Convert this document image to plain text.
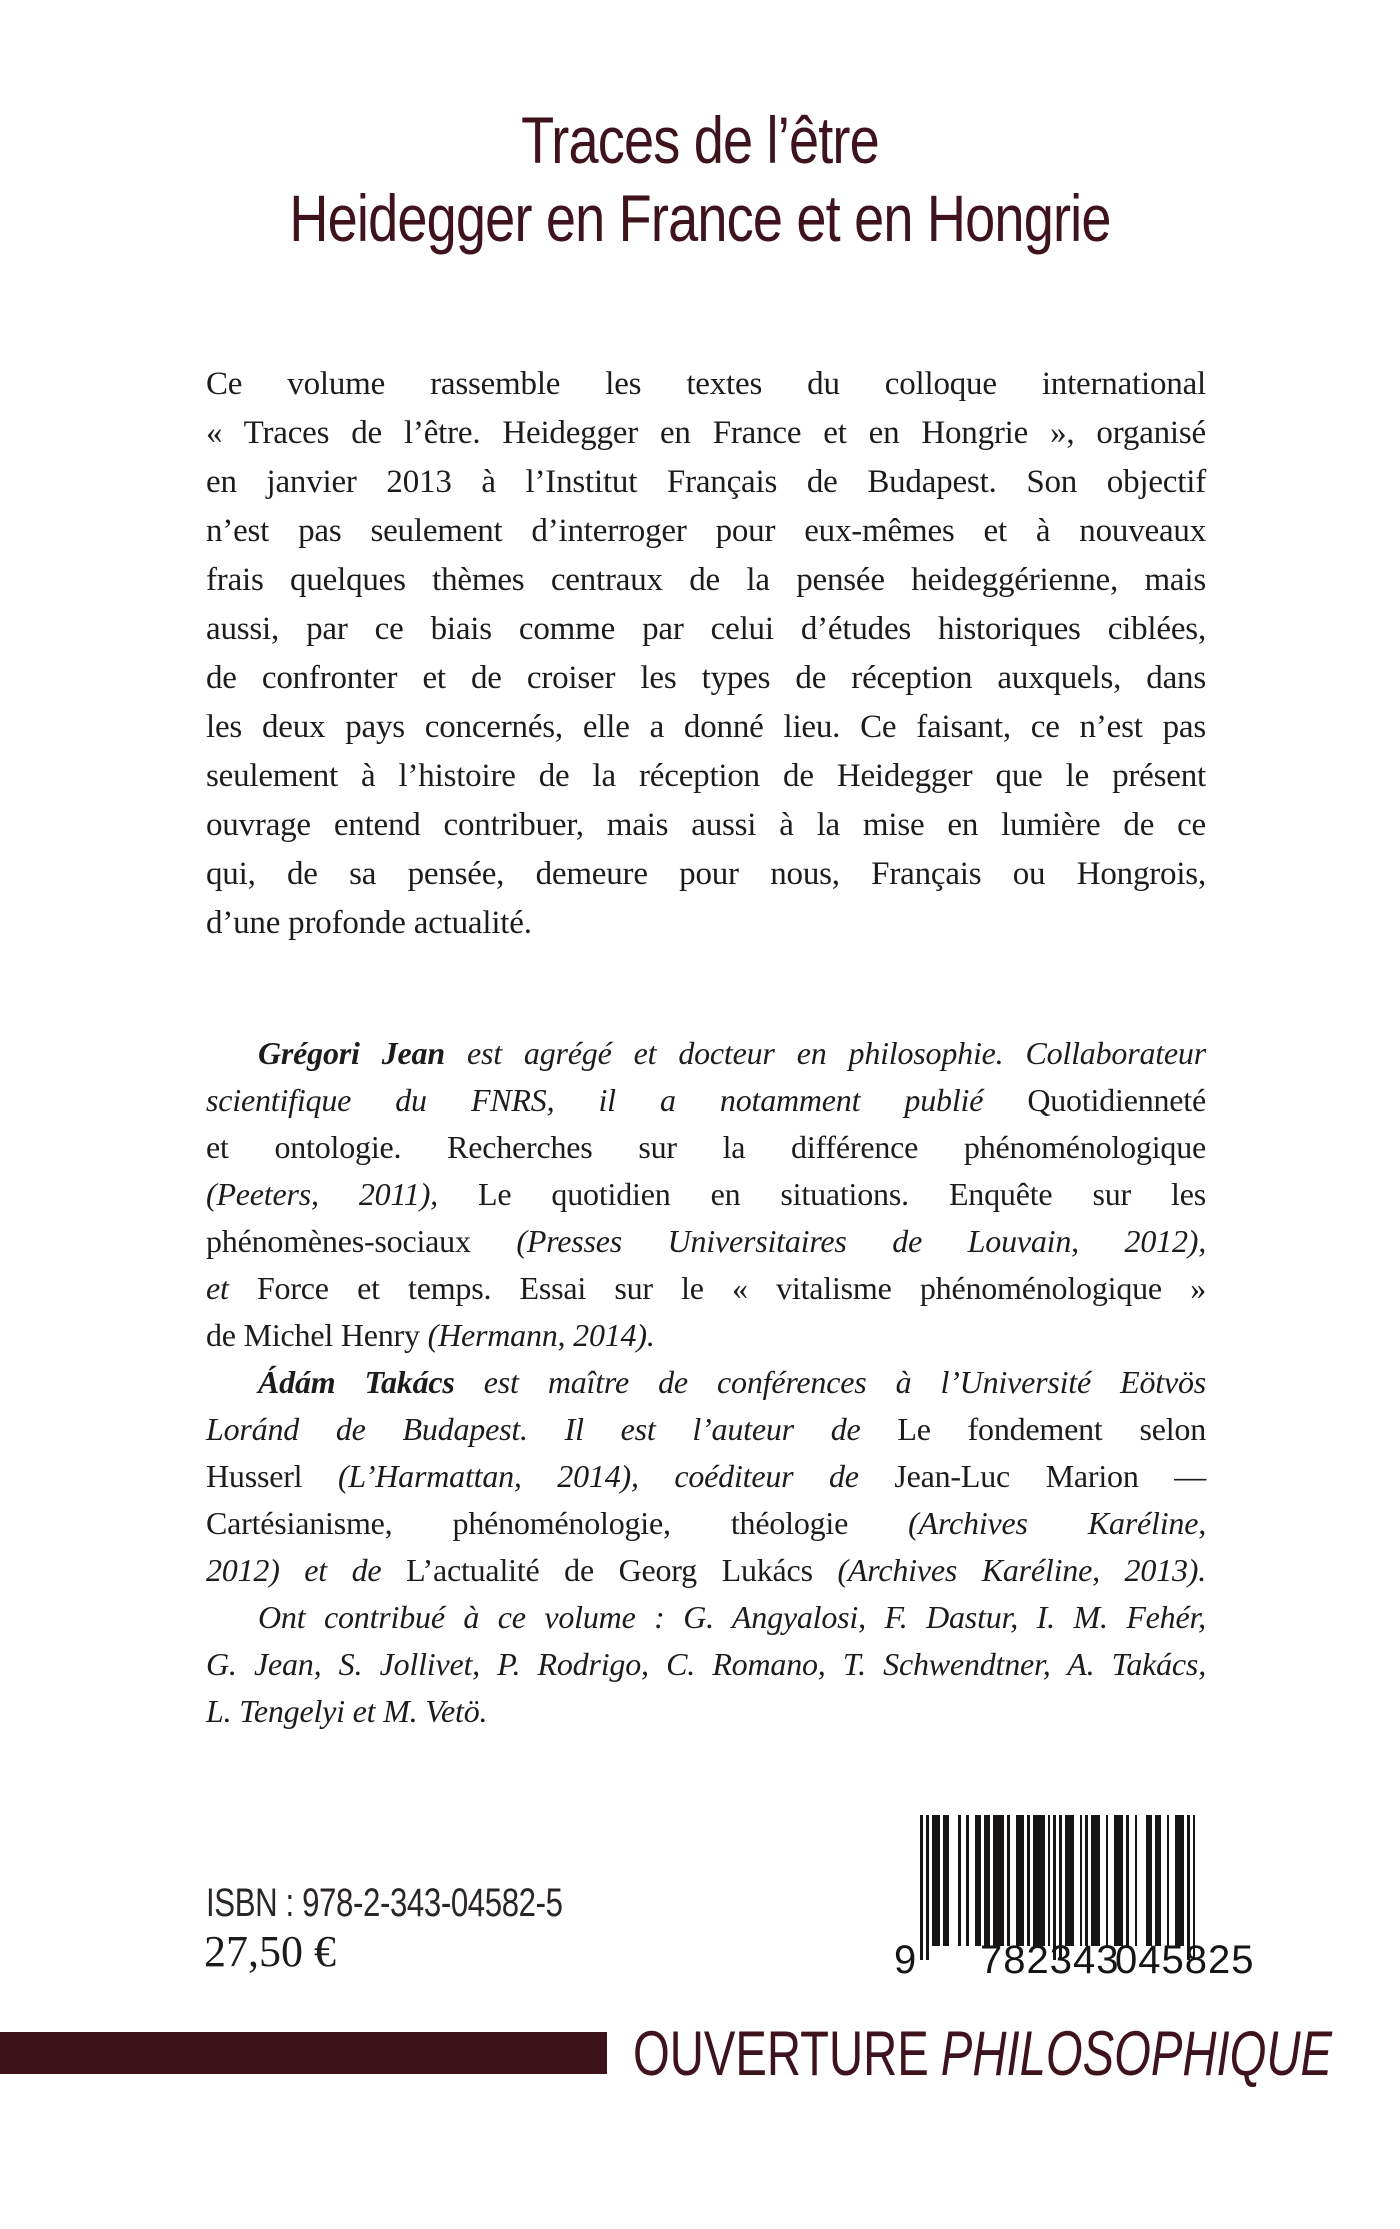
Traces de l’être
Heidegger en France et en Hongrie
Ce volume rassemble les textes du colloque international
« Traces de l’être. Heidegger en France et en Hongrie », organisé
en janvier 2013 à l’Institut Français de Budapest. Son objectif
n’est pas seulement d’interroger pour eux-mêmes et à nouveaux
frais quelques thèmes centraux de la pensée heideggérienne, mais
aussi, par ce biais comme par celui d’études historiques ciblées,
de confronter et de croiser les types de réception auxquels, dans
les deux pays concernés, elle a donné lieu. Ce faisant, ce n’est pas
seulement à l’histoire de la réception de Heidegger que le présent
ouvrage entend contribuer, mais aussi à la mise en lumière de ce
qui, de sa pensée, demeure pour nous, Français ou Hongrois,
d’une profonde actualité.
Grégori Jean est agrégé et docteur en philosophie. Collaborateur
scientifique du FNRS, il a notamment publié Quotidienneté
et ontologie. Recherches sur la différence phénoménologique
(Peeters, 2011), Le quotidien en situations. Enquête sur les
phénomènes-sociaux (Presses Universitaires de Louvain, 2012),
et Force et temps. Essai sur le « vitalisme phénoménologique »
de Michel Henry (Hermann, 2014).
Ádám Takács est maître de conférences à l’Université Eötvös
Loránd de Budapest. Il est l’auteur de Le fondement selon
Husserl (L’Harmattan, 2014), coéditeur de Jean-Luc Marion —
Cartésianisme, phénoménologie, théologie (Archives Karéline,
2012) et de L’actualité de Georg Lukács (Archives Karéline, 2013).
Ont contribué à ce volume : G. Angyalosi, F. Dastur, I. M. Fehér,
G. Jean, S. Jollivet, P. Rodrigo, C. Romano, T. Schwendtner, A. Takács,
L. Tengelyi et M. Vetö.
ISBN : 978-2-343-04582-5
27,50 €	9 782343
045825
OUVERTURE PHILOSOPHIQUE
